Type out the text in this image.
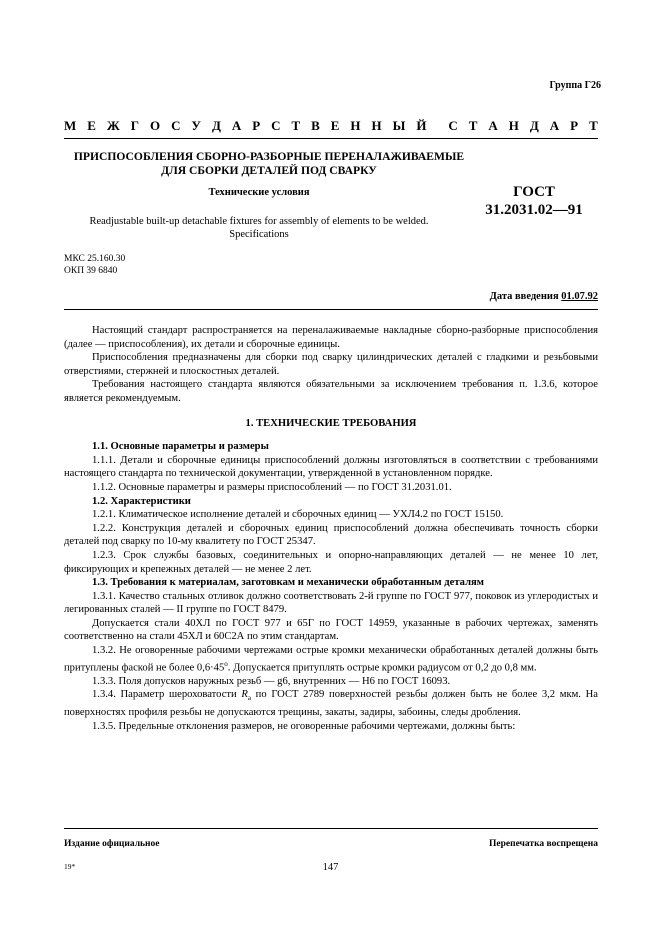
Группа Г26
М Е Ж Г О С У Д А Р С Т В Е Н Н Ы Й С Т А Н Д А Р Т
ПРИСПОСОБЛЕНИЯ СБОРНО-РАЗБОРНЫЕ ПЕРЕНАЛАЖИВАЕМЫЕ
ДЛЯ СБОРКИ ДЕТАЛЕЙ ПОД СВАРКУ
Технические условия	ГОСТ
31.2031.02—91
Readjustable built-up detachable fixtures for assembly of elements to be welded.
Specifications
МКС 25.160.30
ОКП 39 6840
Дата введения 01.07.92
Настоящий стандарт распространяется на переналаживаемые накладные сборно-разборные приспособления (далее — приспособления), их детали и сборочные единицы.
Приспособления предназначены для сборки под сварку цилиндрических деталей с гладкими и резьбовыми отверстиями, стержней и плоскостных деталей.
Требования настоящего стандарта являются обязательными за исключением требования п. 1.3.6, которое является рекомендуемым.
1. ТЕХНИЧЕСКИЕ ТРЕБОВАНИЯ
1.1. Основные параметры и размеры
1.1.1. Детали и сборочные единицы приспособлений должны изготовляться в соответствии с требованиями настоящего стандарта по технической документации, утвержденной в установленном порядке.
1.1.2. Основные параметры и размеры приспособлений — по ГОСТ 31.2031.01.
1.2. Характеристики
1.2.1. Климатическое исполнение деталей и сборочных единиц — УХЛ4.2 по ГОСТ 15150.
1.2.2. Конструкция деталей и сборочных единиц приспособлений должна обеспечивать точность сборки деталей под сварку по 10-му квалитету по ГОСТ 25347.
1.2.3. Срок службы базовых, соединительных и опорно-направляющих деталей — не менее 10 лет, фиксирующих и крепежных деталей — не менее 2 лет.
1.3. Требования к материалам, заготовкам и механически обработанным деталям
1.3.1. Качество стальных отливок должно соответствовать 2-й группе по ГОСТ 977, поковок из углеродистых и легированных сталей — II группе по ГОСТ 8479.
Допускается стали 40ХЛ по ГОСТ 977 и 65Г по ГОСТ 14959, указанные в рабочих чертежах, заменять соответственно на стали 45ХЛ и 60С2А по этим стандартам.
1.3.2. Не оговоренные рабочими чертежами острые кромки механически обработанных деталей должны быть притуплены фаской не более $0,6\cdot 45^о$. Допускается притуплять острые кромки радиусом от 0,2 до 0,8 мм.
1.3.3. Поля допусков наружных резьб — g6, внутренних — Н6 по ГОСТ 16093.
1.3.4. Параметр шероховатости $R_a$ по ГОСТ 2789 поверхностей резьбы должен быть не более 3,2 мкм. На поверхностях профиля резьбы не допускаются трещины, закаты, задиры, забоины, следы дробления.
1.3.5. Предельные отклонения размеров, не оговоренные рабочими чертежами, должны быть:
Издание официальное	Перепечатка воспрещена
19*	147
